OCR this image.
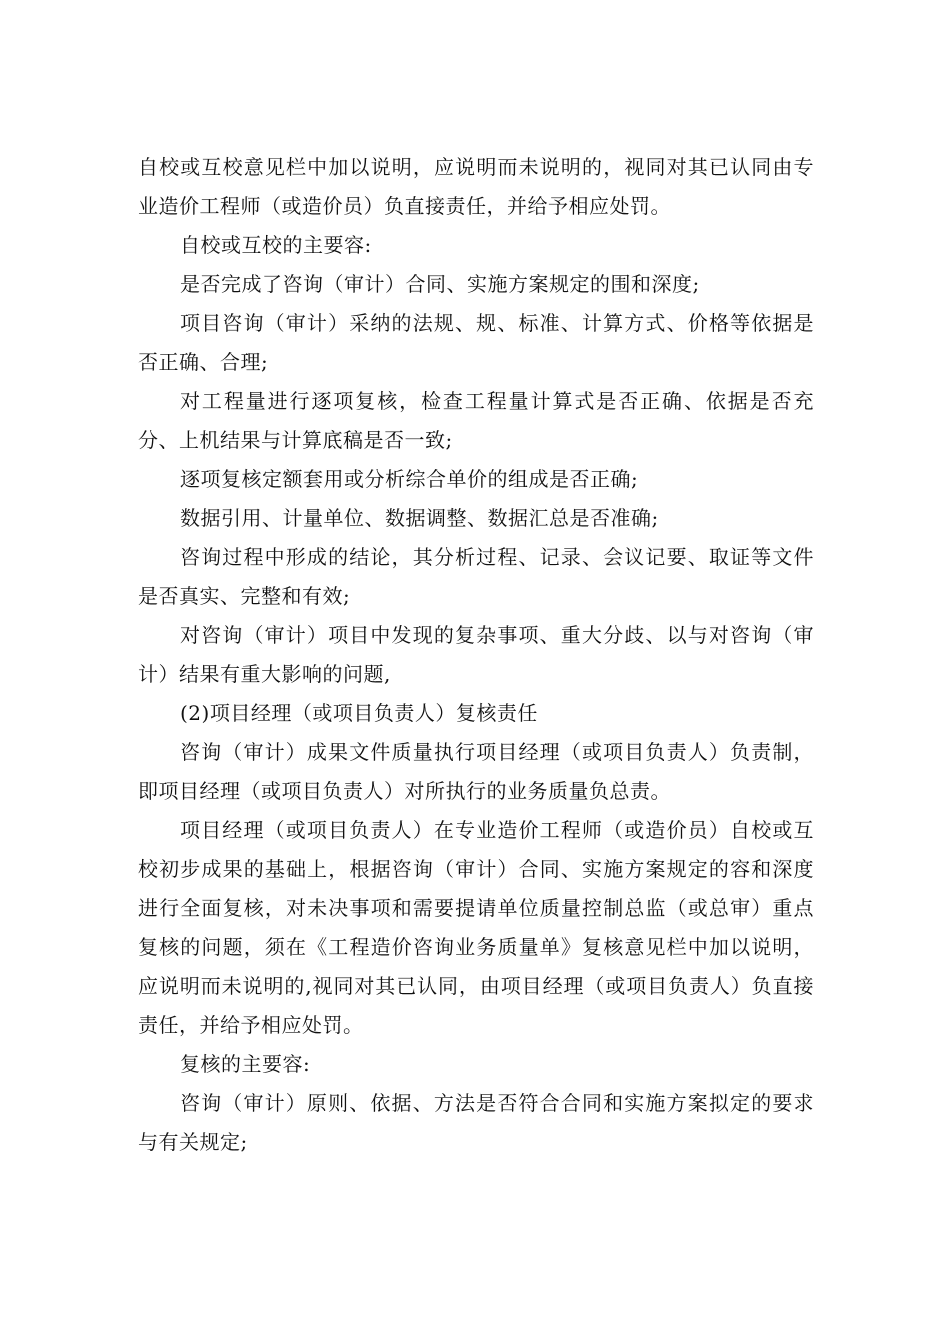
自校或互校意见栏中加以说明，应说明而未说明的，视同对其已认同由专业造价工程师（或造价员）负直接责任，并给予相应处罚。

自校或互校的主要容:

是否完成了咨询（审计）合同、实施方案规定的围和深度;

项目咨询（审计）采纳的法规、规、标准、计算方式、价格等依据是否正确、合理;

对工程量进行逐项复核，检查工程量计算式是否正确、依据是否充分、上机结果与计算底稿是否一致;

逐项复核定额套用或分析综合单价的组成是否正确;

数据引用、计量单位、数据调整、数据汇总是否准确;

咨询过程中形成的结论，其分析过程、记录、会议记要、取证等文件是否真实、完整和有效;

对咨询（审计）项目中发现的复杂事项、重大分歧、以与对咨询（审计）结果有重大影响的问题,

(2)项目经理（或项目负责人）复核责任

咨询（审计）成果文件质量执行项目经理（或项目负责人）负责制，即项目经理（或项目负责人）对所执行的业务质量负总责。

项目经理（或项目负责人）在专业造价工程师（或造价员）自校或互校初步成果的基础上，根据咨询（审计）合同、实施方案规定的容和深度进行全面复核，对未决事项和需要提请单位质量控制总监（或总审）重点复核的问题，须在《工程造价咨询业务质量单》复核意见栏中加以说明，应说明而未说明的,视同对其已认同，由项目经理（或项目负责人）负直接责任，并给予相应处罚。

复核的主要容:

咨询（审计）原则、依据、方法是否符合合同和实施方案拟定的要求与有关规定;
